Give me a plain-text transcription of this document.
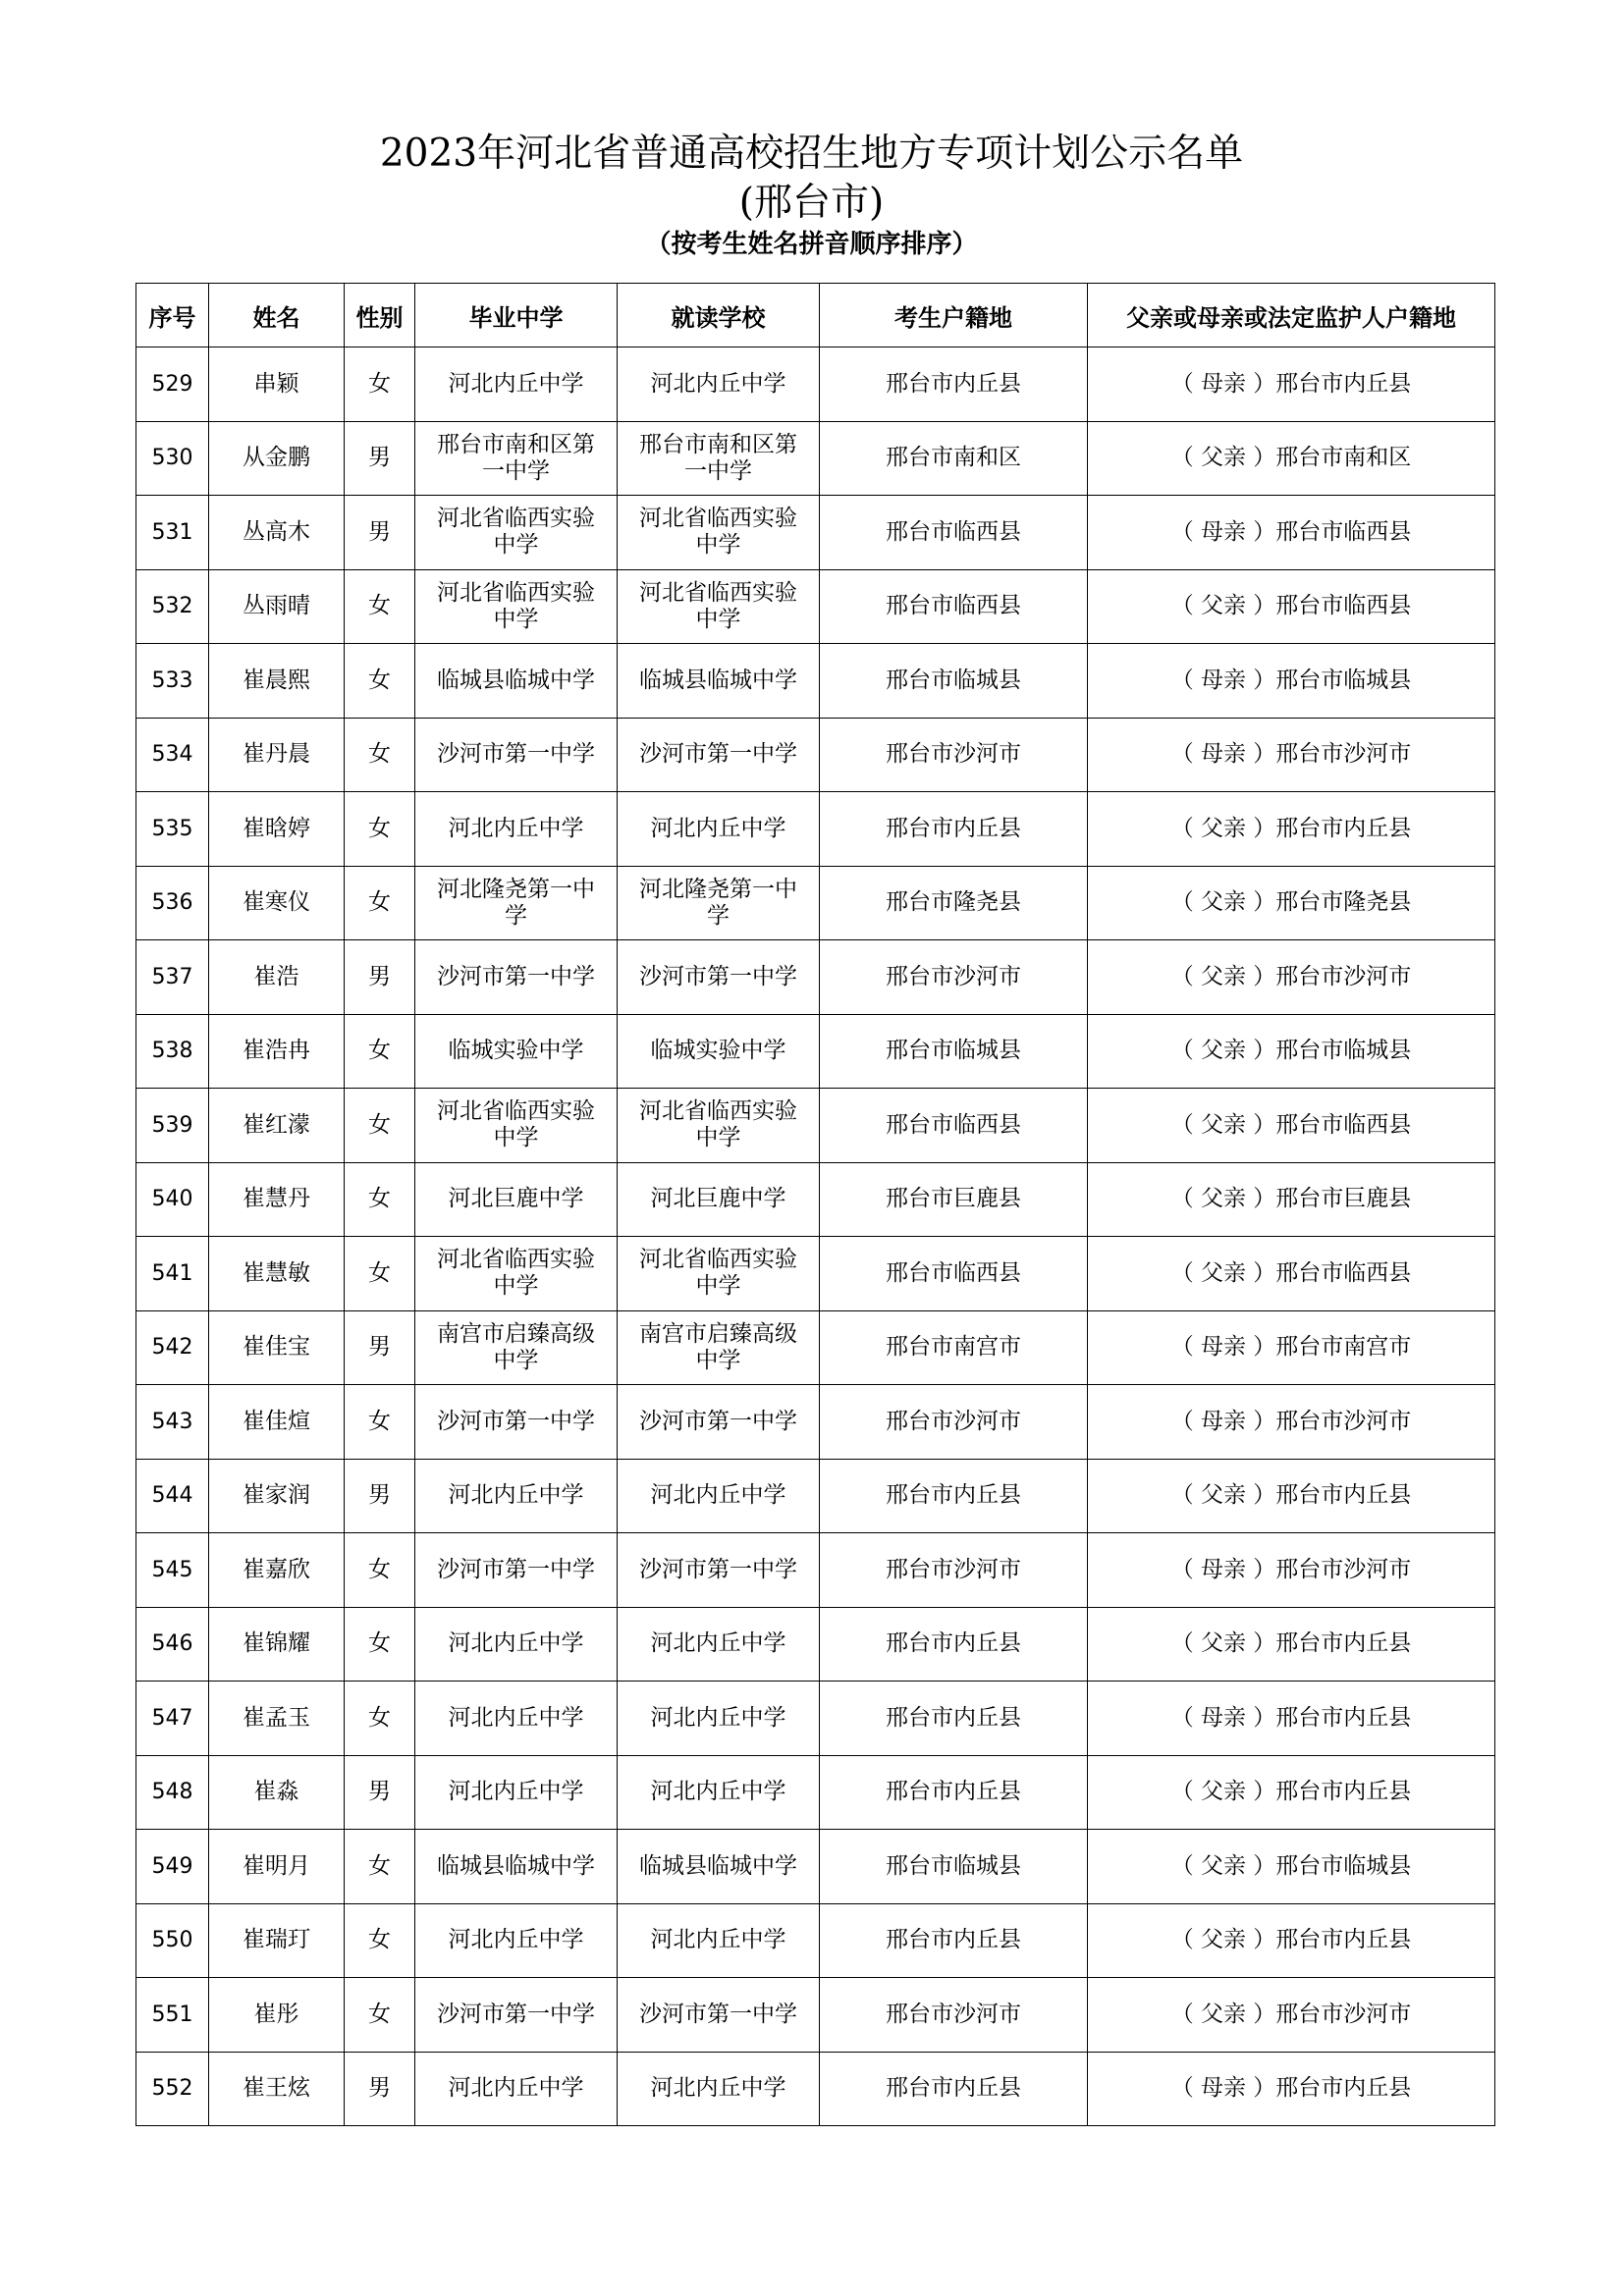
2023年河北省普通高校招生地方专项计划公示名单
(邢台市)
（按考生姓名拼音顺序排序）
序号	姓名	性别	毕业中学	就读学校	考生户籍地	父亲或母亲或法定监护人户籍地
529	串颖	女	河北内丘中学	河北内丘中学	邢台市内丘县	（ 母亲 ）邢台市内丘县
530	从金鹏	男	邢台市南和区第一中学	邢台市南和区第一中学	邢台市南和区	（ 父亲 ）邢台市南和区
531	丛高木	男	河北省临西实验中学	河北省临西实验中学	邢台市临西县	（ 母亲 ）邢台市临西县
532	丛雨晴	女	河北省临西实验中学	河北省临西实验中学	邢台市临西县	（ 父亲 ）邢台市临西县
533	崔晨熙	女	临城县临城中学	临城县临城中学	邢台市临城县	（ 母亲 ）邢台市临城县
534	崔丹晨	女	沙河市第一中学	沙河市第一中学	邢台市沙河市	（ 母亲 ）邢台市沙河市
535	崔晗婷	女	河北内丘中学	河北内丘中学	邢台市内丘县	（ 父亲 ）邢台市内丘县
536	崔寒仪	女	河北隆尧第一中学	河北隆尧第一中学	邢台市隆尧县	（ 父亲 ）邢台市隆尧县
537	崔浩	男	沙河市第一中学	沙河市第一中学	邢台市沙河市	（ 父亲 ）邢台市沙河市
538	崔浩冉	女	临城实验中学	临城实验中学	邢台市临城县	（ 父亲 ）邢台市临城县
539	崔红濛	女	河北省临西实验中学	河北省临西实验中学	邢台市临西县	（ 父亲 ）邢台市临西县
540	崔慧丹	女	河北巨鹿中学	河北巨鹿中学	邢台市巨鹿县	（ 父亲 ）邢台市巨鹿县
541	崔慧敏	女	河北省临西实验中学	河北省临西实验中学	邢台市临西县	（ 父亲 ）邢台市临西县
542	崔佳宝	男	南宫市启臻高级中学	南宫市启臻高级中学	邢台市南宫市	（ 母亲 ）邢台市南宫市
543	崔佳煊	女	沙河市第一中学	沙河市第一中学	邢台市沙河市	（ 母亲 ）邢台市沙河市
544	崔家润	男	河北内丘中学	河北内丘中学	邢台市内丘县	（ 父亲 ）邢台市内丘县
545	崔嘉欣	女	沙河市第一中学	沙河市第一中学	邢台市沙河市	（ 母亲 ）邢台市沙河市
546	崔锦耀	女	河北内丘中学	河北内丘中学	邢台市内丘县	（ 父亲 ）邢台市内丘县
547	崔孟玉	女	河北内丘中学	河北内丘中学	邢台市内丘县	（ 母亲 ）邢台市内丘县
548	崔淼	男	河北内丘中学	河北内丘中学	邢台市内丘县	（ 父亲 ）邢台市内丘县
549	崔明月	女	临城县临城中学	临城县临城中学	邢台市临城县	（ 父亲 ）邢台市临城县
550	崔瑞玎	女	河北内丘中学	河北内丘中学	邢台市内丘县	（ 父亲 ）邢台市内丘县
551	崔彤	女	沙河市第一中学	沙河市第一中学	邢台市沙河市	（ 父亲 ）邢台市沙河市
552	崔王炫	男	河北内丘中学	河北内丘中学	邢台市内丘县	（ 母亲 ）邢台市内丘县
